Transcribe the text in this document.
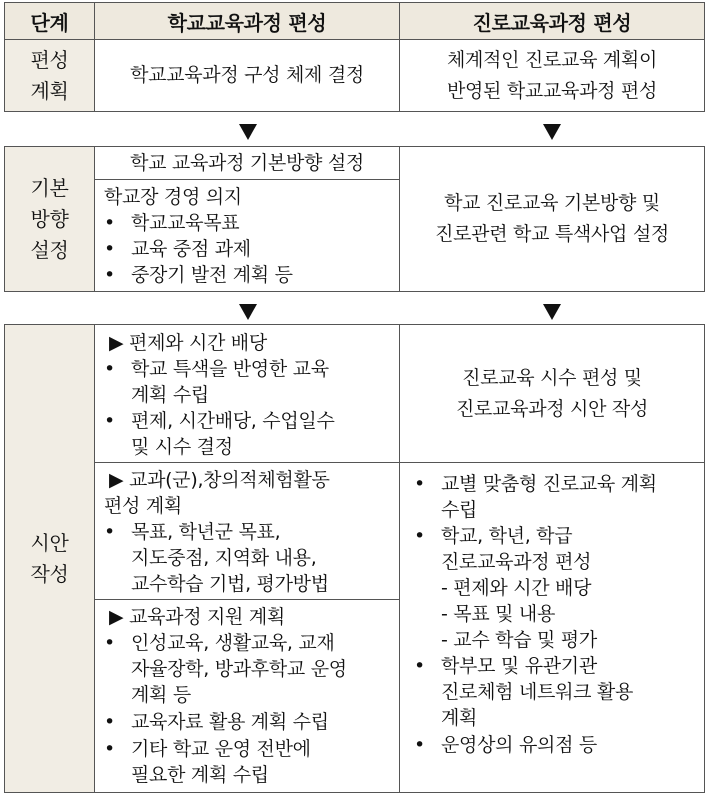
단계	학교교육과정 편성	진로교육과정 편성
편성
계획
학교교육과정 구성 체제 결정
체계적인 진로교육 계획이
반영된 학교교육과정 편성
기본
방향
설정
학교 교육과정 기본방향 설정
학교장 경영 의지
• 학교교육목표
• 교육 중점 과제
• 중장기 발전 계획 등
학교 진로교육 기본방향 및
진로관련 학교 특색사업 설정
시안
작성
▶ 편제와 시간 배당
• 학교 특색을 반영한 교육
계획 수립
• 편제, 시간배당, 수업일수
및 시수 결정
▶ 교과(군),창의적체험활동
편성 계획
• 목표, 학년군 목표,
지도중점, 지역화 내용,
교수학습 기법, 평가방법
▶ 교육과정 지원 계획
• 인성교육, 생활교육, 교재
자율장학, 방과후학교 운영
계획 등
• 교육자료 활용 계획 수립
• 기타 학교 운영 전반에
필요한 계획 수립
진로교육 시수 편성 및
진로교육과정 시안 작성
• 교별 맞춤형 진로교육 계획
수립
• 학교, 학년, 학급
진로교육과정 편성
- 편제와 시간 배당
- 목표 및 내용
- 교수 학습 및 평가
• 학부모 및 유관기관
진로체험 네트워크 활용
계획
• 운영상의 유의점 등
